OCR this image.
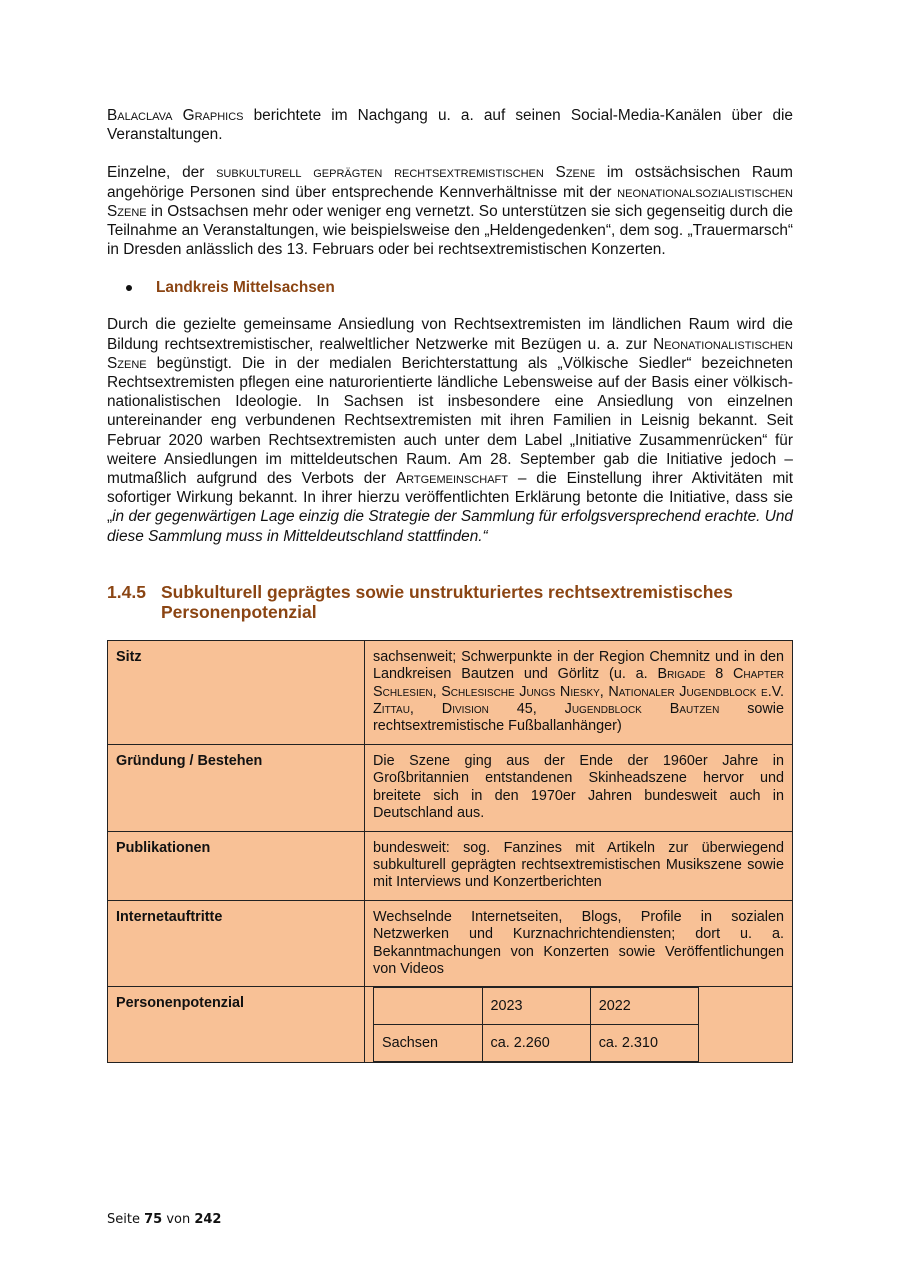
Balaclava Graphics berichtete im Nachgang u. a. auf seinen Social-Media-Kanälen über die Veranstaltungen.

Einzelne, der subkulturell geprägten rechtsextremistischen Szene im ostsächsischen Raum angehörige Personen sind über entsprechende Kennverhältnisse mit der neonationalsozialistischen Szene in Ostsachsen mehr oder weniger eng vernetzt. So unterstützen sie sich gegenseitig durch die Teilnahme an Veranstaltungen, wie beispielsweise den „Heldengedenken“, dem sog. „Trauermarsch“ in Dresden anlässlich des 13. Februars oder bei rechtsextremistischen Konzerten.

Landkreis Mittelsachsen

Durch die gezielte gemeinsame Ansiedlung von Rechtsextremisten im ländlichen Raum wird die Bildung rechtsextremistischer, realweltlicher Netzwerke mit Bezügen u. a. zur Neonationalistischen Szene begünstigt. Die in der medialen Berichterstattung als „Völkische Siedler“ bezeichneten Rechtsextremisten pflegen eine naturorientierte ländliche Lebensweise auf der Basis einer völkisch-nationalistischen Ideologie. In Sachsen ist insbesondere eine Ansiedlung von einzelnen untereinander eng verbundenen Rechtsextremisten mit ihren Familien in Leisnig bekannt. Seit Februar 2020 warben Rechtsextremisten auch unter dem Label „Initiative Zusammenrücken“ für weitere Ansiedlungen im mitteldeutschen Raum. Am 28. September gab die Initiative jedoch – mutmaßlich aufgrund des Verbots der Artgemeinschaft – die Einstellung ihrer Aktivitäten mit sofortiger Wirkung bekannt. In ihrer hierzu veröffentlichten Erklärung betonte die Initiative, dass sie „in der gegenwärtigen Lage einzig die Strategie der Sammlung für erfolgsversprechend erachte. Und diese Sammlung muss in Mitteldeutschland stattfinden.“

1.4.5 Subkulturell geprägtes sowie unstrukturiertes rechtsextremistisches Personenpotenzial
Sitz	sachsenweit; Schwerpunkte in der Region Chemnitz und in den Landkreisen Bautzen und Görlitz (u. a. Brigade 8 Chapter Schlesien, Schlesische Jungs Niesky, Nationaler Jugendblock e.V. Zittau, Division 45, Jugendblock Bautzen sowie rechtsextremistische Fußballanhänger)
Gründung / Bestehen	Die Szene ging aus der Ende der 1960er Jahre in Großbritannien entstandenen Skinheadszene hervor und breitete sich in den 1970er Jahren bundesweit auch in Deutschland aus.
Publikationen	bundesweit: sog. Fanzines mit Artikeln zur überwiegend subkulturell geprägten rechtsextremistischen Musikszene sowie mit Interviews und Konzertberichten
Internetauftritte	Wechselnde Internetseiten, Blogs, Profile in sozialen Netzwerken und Kurznachrichtendiensten; dort u. a. Bekanntmachungen von Konzerten sowie Veröffentlichungen von Videos
Personenpotenzial	
		2023	2022
Sachsen	ca. 2.260	ca. 2.310
Seite 75 von 242
